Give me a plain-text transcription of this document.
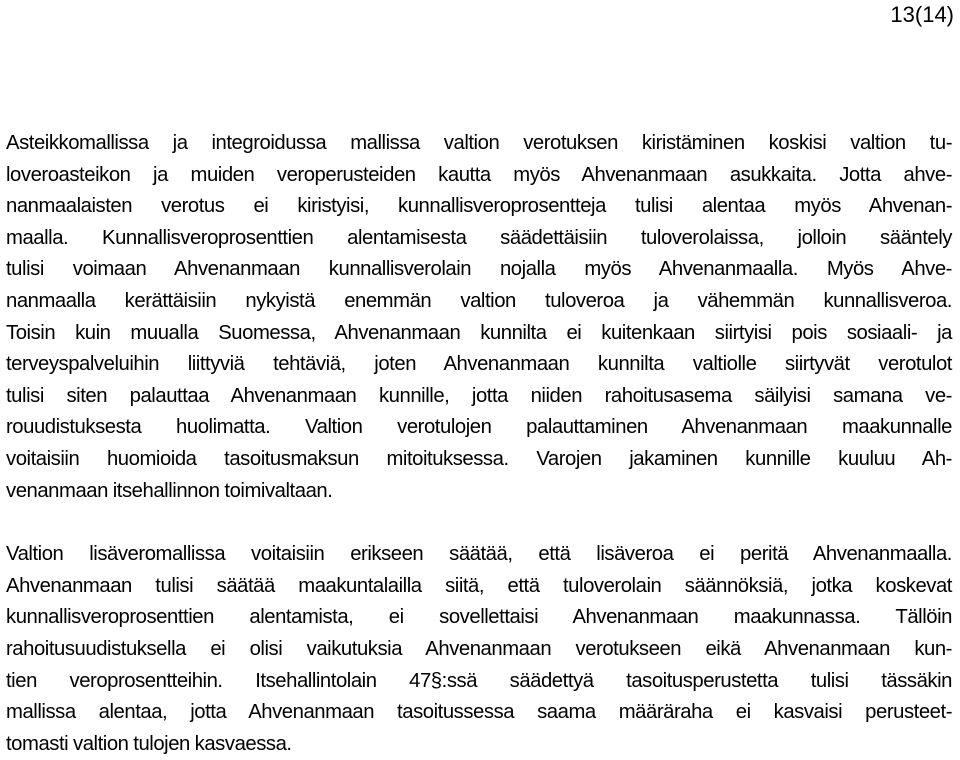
13(14)

Asteikkomallissa ja integroidussa mallissa valtion verotuksen kiristäminen koskisi valtion tu-
loveroasteikon ja muiden veroperusteiden kautta myös Ahvenanmaan asukkaita. Jotta ahve-
nanmaalaisten verotus ei kiristyisi, kunnallisveroprosentteja tulisi alentaa myös Ahvenan-
maalla. Kunnallisveroprosenttien alentamisesta säädettäisiin tuloverolaissa, jolloin sääntely
tulisi voimaan Ahvenanmaan kunnallisverolain nojalla myös Ahvenanmaalla. Myös Ahve-
nanmaalla kerättäisiin nykyistä enemmän valtion tuloveroa ja vähemmän kunnallisveroa.
Toisin kuin muualla Suomessa, Ahvenanmaan kunnilta ei kuitenkaan siirtyisi pois sosiaali- ja
terveyspalveluihin liittyviä tehtäviä, joten Ahvenanmaan kunnilta valtiolle siirtyvät verotulot
tulisi siten palauttaa Ahvenanmaan kunnille, jotta niiden rahoitusasema säilyisi samana ve-
rouudistuksesta huolimatta. Valtion verotulojen palauttaminen Ahvenanmaan maakunnalle
voitaisiin huomioida tasoitusmaksun mitoituksessa. Varojen jakaminen kunnille kuuluu Ah-
venanmaan itsehallinnon toimivaltaan.

Valtion lisäveromallissa voitaisiin erikseen säätää, että lisäveroa ei peritä Ahvenanmaalla.
Ahvenanmaan tulisi säätää maakuntalailla siitä, että tuloverolain säännöksiä, jotka koskevat
kunnallisveroprosenttien alentamista, ei sovellettaisi Ahvenanmaan maakunnassa. Tällöin
rahoitusuudistuksella ei olisi vaikutuksia Ahvenanmaan verotukseen eikä Ahvenanmaan kun-
tien veroprosentteihin. Itsehallintolain 47§:ssä säädettyä tasoitusperustetta tulisi tässäkin
mallissa alentaa, jotta Ahvenanmaan tasoitussessa saama määräraha ei kasvaisi perusteet-
tomasti valtion tulojen kasvaessa.
